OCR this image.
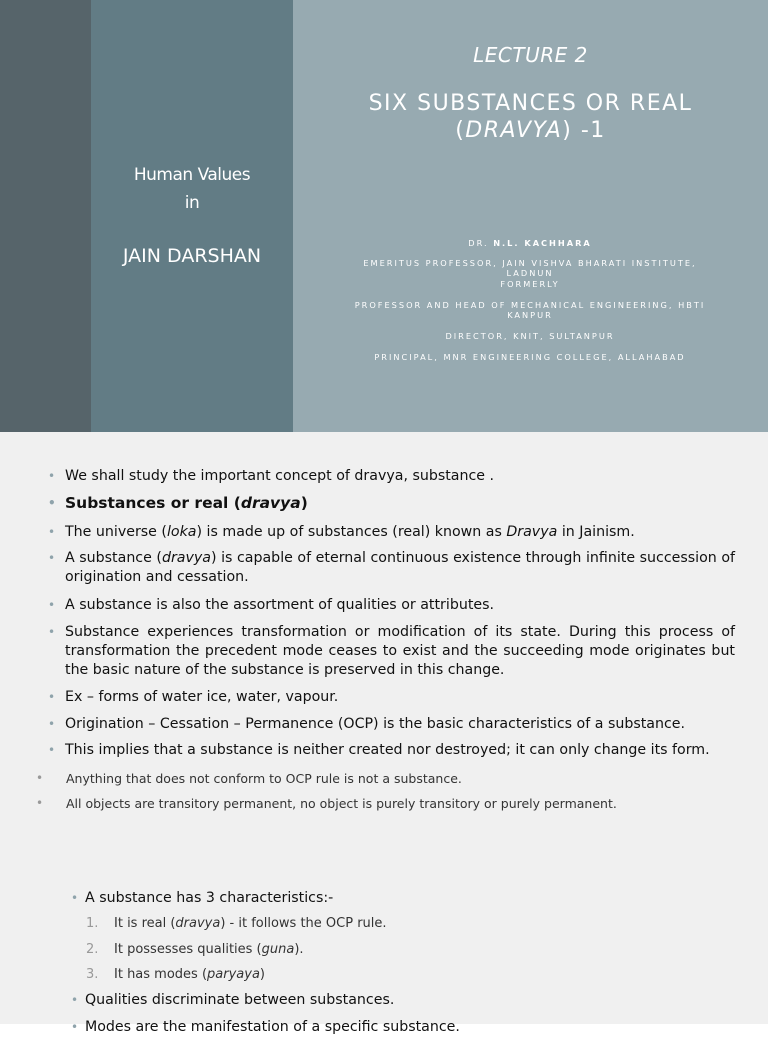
Human Values
in
JAIN DARSHAN
LECTURE 2
SIX SUBSTANCES OR REAL
(DRAVYA) -1
DR. N.L. KACHHARA
EMERITUS PROFESSOR, JAIN VISHVA BHARATI INSTITUTE, LADNUN
FORMERLY
PROFESSOR AND HEAD OF MECHANICAL ENGINEERING, HBTI KANPUR
DIRECTOR, KNIT, SULTANPUR
PRINCIPAL, MNR ENGINEERING COLLEGE, ALLAHABAD
• We shall study the important concept of dravya, substance .
• Substances or real (dravya)
• The universe (loka) is made up of substances (real) known as Dravya in Jainism.
• A substance (dravya) is capable of eternal continuous existence through infinite succession of origination and cessation.
• A substance is also the assortment of qualities or attributes.
• Substance experiences transformation or modification of its state. During this process of transformation the precedent mode ceases to exist and the succeeding mode originates but the basic nature of the substance is preserved in this change.
• Ex – forms of water ice, water, vapour.
• Origination – Cessation – Permanence (OCP) is the basic characteristics of a substance.
• This implies that a substance is neither created nor destroyed; it can only change its form.
• Anything that does not conform to OCP rule is not a substance.
• All objects are transitory permanent, no object is purely transitory or purely permanent.
• A substance has 3 characteristics:-
1. It is real (dravya) - it follows the OCP rule.
2. It possesses qualities (guna).
3. It has modes (paryaya)
• Qualities discriminate between substances.
• Modes are the manifestation of a specific substance.
